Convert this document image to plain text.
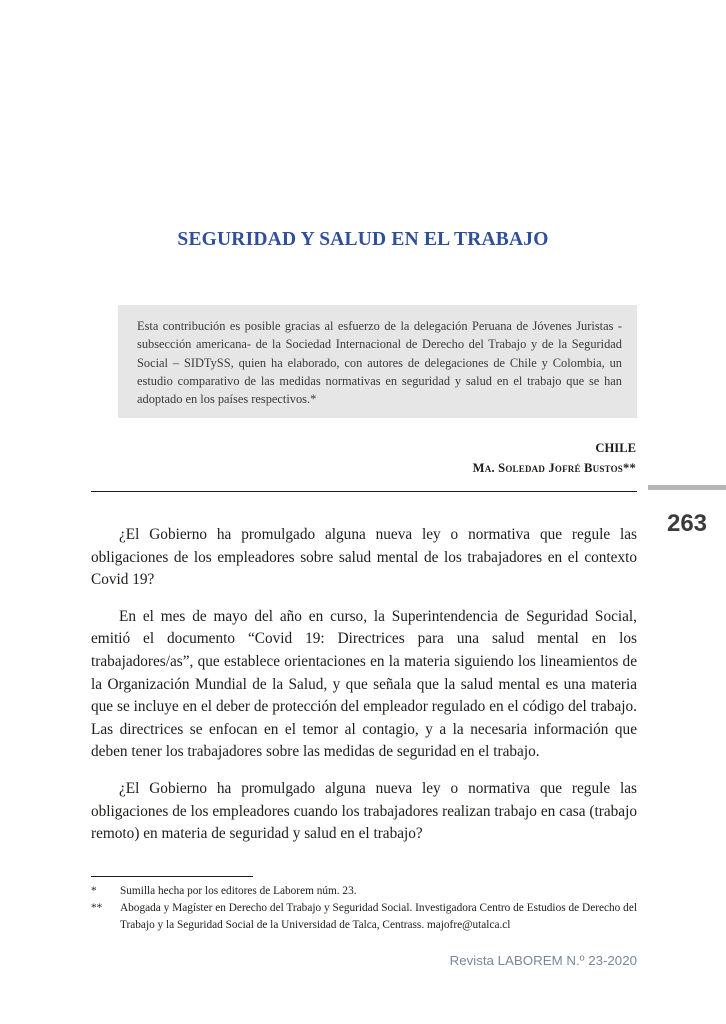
SEGURIDAD Y SALUD EN EL TRABAJO

Esta contribución es posible gracias al esfuerzo de la delegación Peruana de Jóvenes Juristas -subsección americana- de la Sociedad Internacional de Derecho del Trabajo y de la Seguridad Social – SIDTySS, quien ha elaborado, con autores de delegaciones de Chile y Colombia, un estudio comparativo de las medidas normativas en seguridad y salud en el trabajo que se han adoptado en los países respectivos.*

CHILE
Ma. Soledad Jofré Bustos**
263

¿El Gobierno ha promulgado alguna nueva ley o normativa que regule las obligaciones de los empleadores sobre salud mental de los trabajadores en el contexto Covid 19?

En el mes de mayo del año en curso, la Superintendencia de Seguridad Social, emitió el documento “Covid 19: Directrices para una salud mental en los trabajadores/as”, que establece orientaciones en la materia siguiendo los lineamientos de la Organización Mundial de la Salud, y que señala que la salud mental es una materia que se incluye en el deber de protección del empleador regulado en el código del trabajo. Las directrices se enfocan en el temor al contagio, y a la necesaria información que deben tener los trabajadores sobre las medidas de seguridad en el trabajo.

¿El Gobierno ha promulgado alguna nueva ley o normativa que regule las obligaciones de los empleadores cuando los trabajadores realizan trabajo en casa (trabajo remoto) en materia de seguridad y salud en el trabajo?

*	Sumilla hecha por los editores de Laborem núm. 23.
**	Abogada y Magíster en Derecho del Trabajo y Seguridad Social. Investigadora Centro de Estudios de Derecho del Trabajo y la Seguridad Social de la Universidad de Talca, Centrass. majofre@utalca.cl
Revista LABOREM N.º 23-2020
